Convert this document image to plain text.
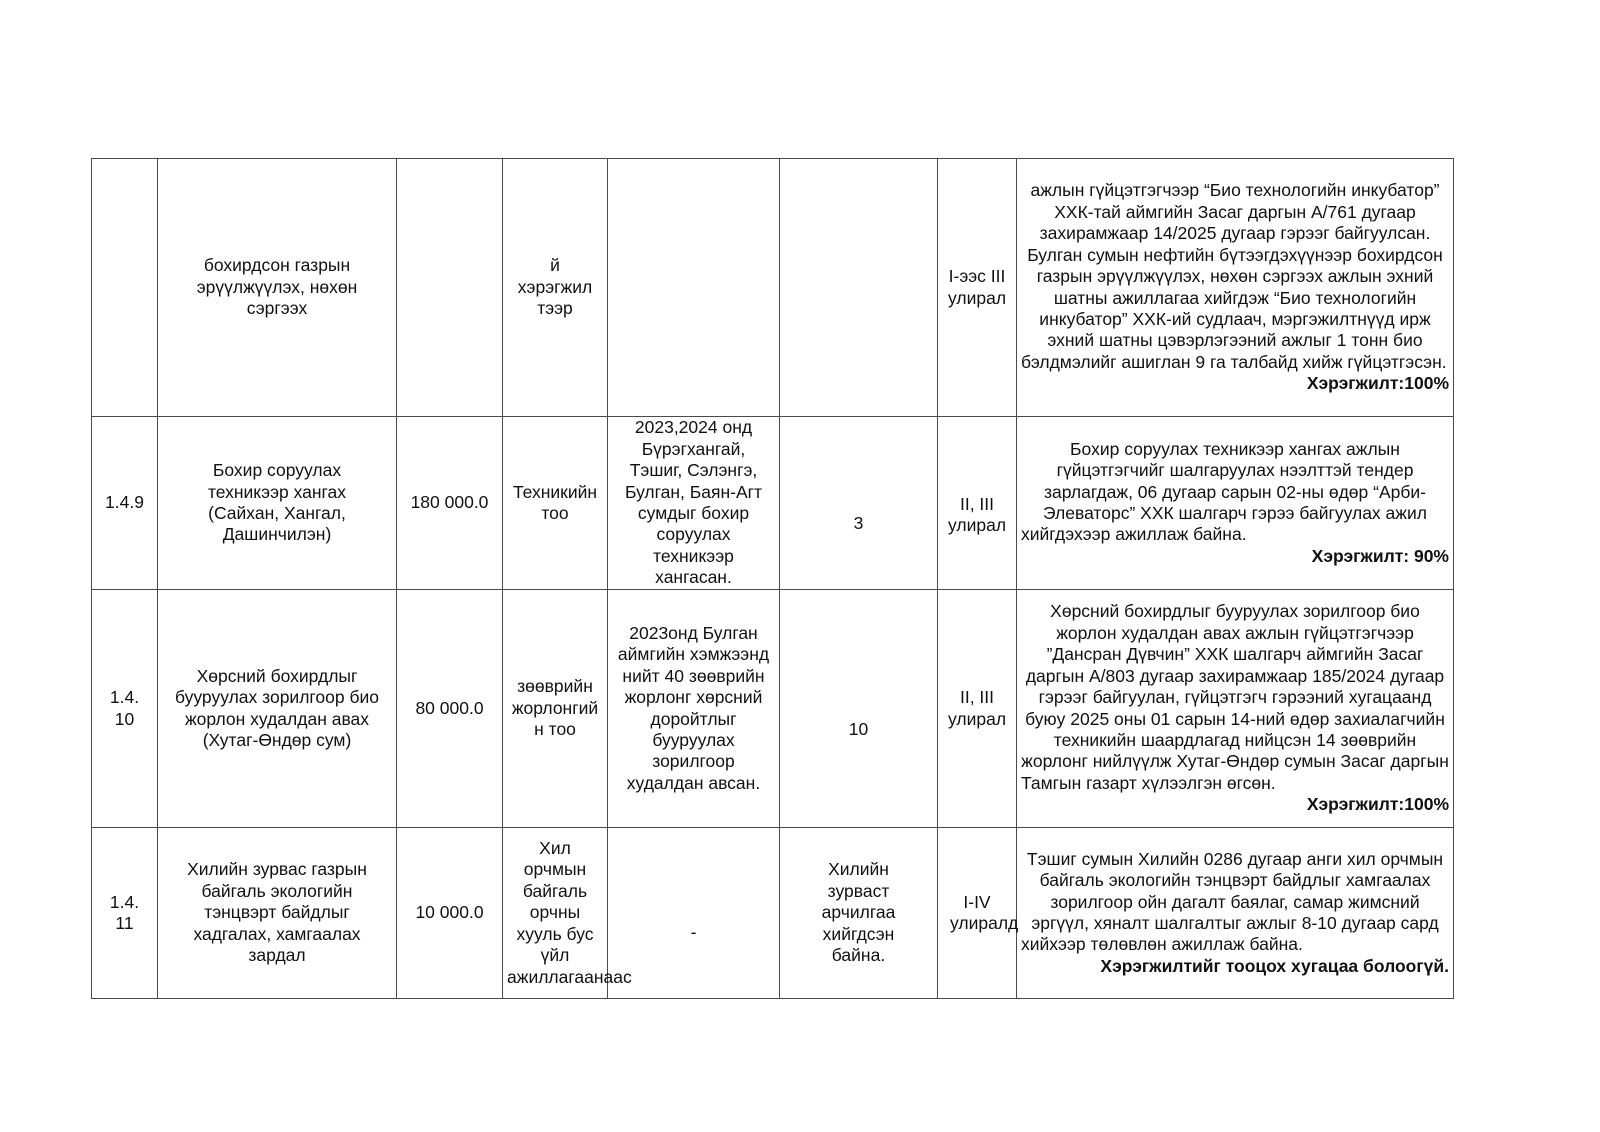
	бохирдсон газрын эрүүлжүүлэх, нөхөн сэргээх		й хэрэгжил тээр			I-ээс III улирал	ажлын гүйцэтгэгчээр “Био технологийн инкубатор” ХХК-тай аймгийн Засаг даргын А/761 дугаар захирамжаар 14/2025 дугаар гэрээг байгуулсан. Булган сумын нефтийн бүтээгдэхүүнээр бохирдсон газрын эрүүлжүүлэх, нөхөн сэргээх ажлын эхний шатны ажиллагаа хийгдэж “Био технологийн инкубатор” ХХК-ий судлаач, мэргэжилтнүүд ирж эхний шатны цэвэрлэгээний ажлыг 1 тонн био бэлдмэлийг ашиглан 9 га талбайд хийж гүйцэтгэсэн.
Хэрэгжилт:100%

1.4.9	Бохир соруулах техникээр хангах (Сайхан, Хангал, Дашинчилэн)	180 000.0	Техникийн тоо	2023,2024 онд Бүрэгхангай, Тэшиг, Сэлэнгэ, Булган, Баян-Агт сумдыг бохир соруулах техникээр хангасан.	3	II, III улирал	Бохир соруулах техникээр хангах ажлын гүйцэтгэгчийг шалгаруулах нээлттэй тендер зарлагдаж, 06 дугаар сарын 02-ны өдөр “Арби-Элеваторс” ХХК шалгарч гэрээ байгуулах ажил хийгдэхээр ажиллаж байна.
Хэрэгжилт: 90%

1.4.10	Хөрсний бохирдлыг бууруулах зорилгоор био жорлон худалдан авах (Хутаг-Өндөр сум)	80 000.0	зөөврийн жорлонгийн тоо	2023онд Булган аймгийн хэмжээнд нийт 40 зөөврийн жорлонг хөрсний доройтлыг бууруулах зорилгоор худалдан авсан.	10	II, III улирал	Хөрсний бохирдлыг бууруулах зорилгоор био жорлон худалдан авах ажлын гүйцэтгэгчээр ”Дансран Дүвчин” ХХК шалгарч аймгийн Засаг даргын А/803 дугаар захирамжаар 185/2024 дугаар гэрээг байгуулан, гүйцэтгэгч гэрээний хугацаанд буюу 2025 оны 01 сарын 14-ний өдөр захиалагчийн техникийн шаардлагад нийцсэн 14 зөөврийн жорлонг нийлүүлж Хутаг-Өндөр сумын Засаг даргын Тамгын газарт хүлээлгэн өгсөн.
Хэрэгжилт:100%

1.4.11	Хилийн зурвас газрын байгаль экологийн тэнцвэрт байдлыг хадгалах, хамгаалах зардал	10 000.0	Хил орчмын байгаль орчны хууль бус үйл ажиллагаанаас	-	Хилийн зурваст арчилгаа хийгдсэн байна.	I-IV улиралд	Тэшиг сумын Хилийн 0286 дугаар анги хил орчмын байгаль экологийн тэнцвэрт байдлыг хамгаалах зорилгоор ойн дагалт баялаг, самар жимсний эргүүл, хяналт шалгалтыг ажлыг 8-10 дугаар сард хийхээр төлөвлөн ажиллаж байна.
Хэрэгжилтийг тооцох хугацаа болоогүй.
